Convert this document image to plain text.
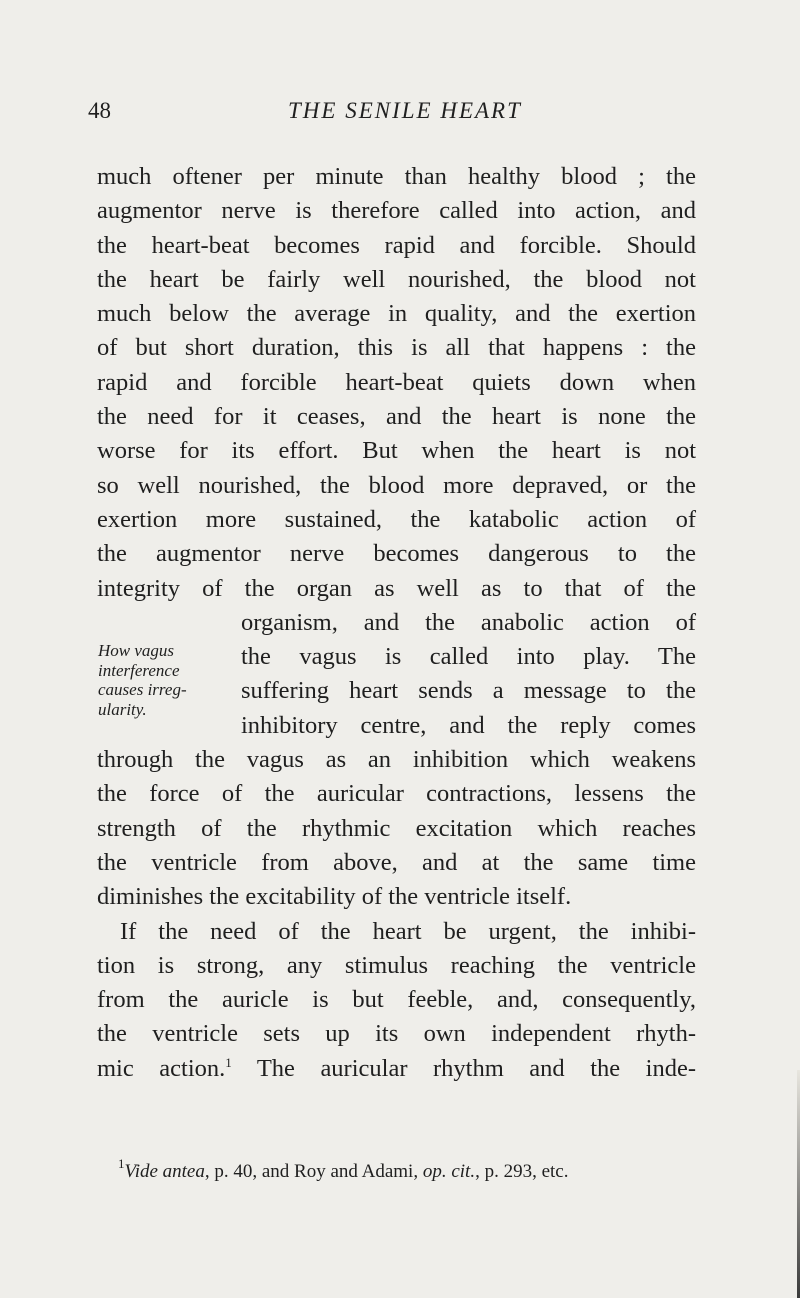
48	THE SENILE HEART
How vagus
interference
causes irreg-
ularity.
much oftener per minute than healthy blood ; the
augmentor nerve is therefore called into action, and
the heart-beat becomes rapid and forcible. Should
the heart be fairly well nourished, the blood not
much below the average in quality, and the exertion
of but short duration, this is all that happens : the
rapid and forcible heart-beat quiets down when
the need for it ceases, and the heart is none the
worse for its effort. But when the heart is not
so well nourished, the blood more depraved, or the
exertion more sustained, the katabolic action of
the augmentor nerve becomes dangerous to the
integrity of the organ as well as to that of the
organism, and the anabolic action of
the vagus is called into play. The
suffering heart sends a message to the
inhibitory centre, and the reply comes
through the vagus as an inhibition which weakens
the force of the auricular contractions, lessens the
strength of the rhythmic excitation which reaches
the ventricle from above, and at the same time
diminishes the excitability of the ventricle itself.
If the need of the heart be urgent, the inhibi-
tion is strong, any stimulus reaching the ventricle
from the auricle is but feeble, and, consequently,
the ventricle sets up its own independent rhyth-
mic action.$^1$ The auricular rhythm and the inde-
$^1$Vide antea, p. 40, and Roy and Adami, op. cit., p. 293, etc.
